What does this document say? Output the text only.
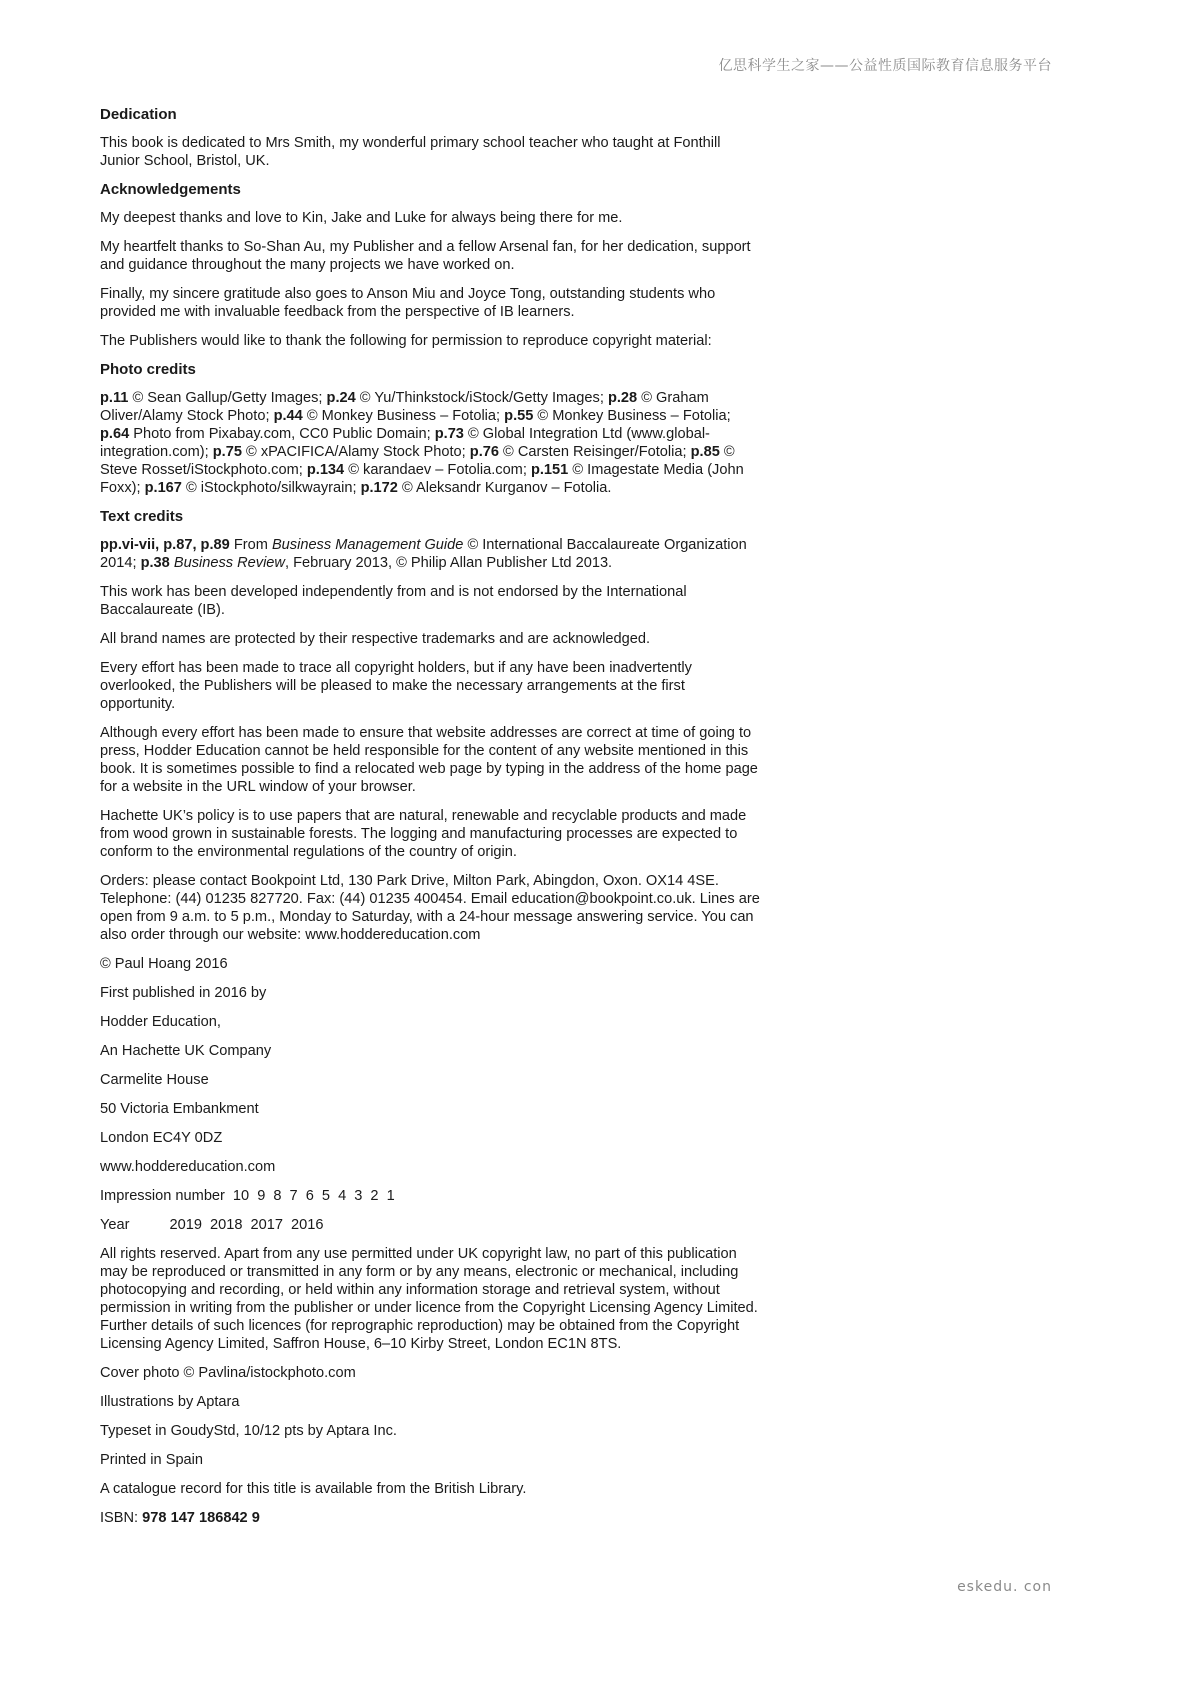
亿思科学生之家——公益性质国际教育信息服务平台
Dedication

This book is dedicated to Mrs Smith, my wonderful primary school teacher who taught at Fonthill Junior School, Bristol, UK.

Acknowledgements

My deepest thanks and love to Kin, Jake and Luke for always being there for me.

My heartfelt thanks to So-Shan Au, my Publisher and a fellow Arsenal fan, for her dedication, support and guidance throughout the many projects we have worked on.

Finally, my sincere gratitude also goes to Anson Miu and Joyce Tong, outstanding students who provided me with invaluable feedback from the perspective of IB learners.

The Publishers would like to thank the following for permission to reproduce copyright material:

Photo credits

p.11 © Sean Gallup/Getty Images; p.24 © Yu/Thinkstock/iStock/Getty Images; p.28 © Graham Oliver/Alamy Stock Photo; p.44 © Monkey Business – Fotolia; p.55 © Monkey Business – Fotolia; p.64 Photo from Pixabay.com, CC0 Public Domain; p.73 © Global Integration Ltd (www.global-integration.com); p.75 © xPACIFICA/Alamy Stock Photo; p.76 © Carsten Reisinger/Fotolia; p.85 © Steve Rosset/iStockphoto.com; p.134 © karandaev – Fotolia.com; p.151 © Imagestate Media (John Foxx); p.167 © iStockphoto/silkwayrain; p.172 © Aleksandr Kurganov – Fotolia.

Text credits

pp.vi-vii, p.87, p.89 From Business Management Guide © International Baccalaureate Organization 2014; p.38 Business Review, February 2013, © Philip Allan Publisher Ltd 2013.

This work has been developed independently from and is not endorsed by the International Baccalaureate (IB).

All brand names are protected by their respective trademarks and are acknowledged.

Every effort has been made to trace all copyright holders, but if any have been inadvertently overlooked, the Publishers will be pleased to make the necessary arrangements at the first opportunity.

Although every effort has been made to ensure that website addresses are correct at time of going to press, Hodder Education cannot be held responsible for the content of any website mentioned in this book. It is sometimes possible to find a relocated web page by typing in the address of the home page for a website in the URL window of your browser.

Hachette UK’s policy is to use papers that are natural, renewable and recyclable products and made from wood grown in sustainable forests. The logging and manufacturing processes are expected to conform to the environmental regulations of the country of origin.

Orders: please contact Bookpoint Ltd, 130 Park Drive, Milton Park, Abingdon, Oxon. OX14 4SE. Telephone: (44) 01235 827720. Fax: (44) 01235 400454. Email education@bookpoint.co.uk. Lines are open from 9 a.m. to 5 p.m., Monday to Saturday, with a 24-hour message answering service. You can also order through our website: www.hoddereducation.com

© Paul Hoang 2016

First published in 2016 by

Hodder Education,

An Hachette UK Company

Carmelite House

50 Victoria Embankment

London EC4Y 0DZ

www.hoddereducation.com

Impression number 10 9 8 7 6 5 4 3 2 1

Year	2019 2018 2017 2016

All rights reserved. Apart from any use permitted under UK copyright law, no part of this publication may be reproduced or transmitted in any form or by any means, electronic or mechanical, including photocopying and recording, or held within any information storage and retrieval system, without permission in writing from the publisher or under licence from the Copyright Licensing Agency Limited. Further details of such licences (for reprographic reproduction) may be obtained from the Copyright Licensing Agency Limited, Saffron House, 6–10 Kirby Street, London EC1N 8TS.

Cover photo © Pavlina/istockphoto.com

Illustrations by Aptara

Typeset in GoudyStd, 10/12 pts by Aptara Inc.

Printed in Spain

A catalogue record for this title is available from the British Library.

ISBN: 978 147 186842 9

eskedu. con
